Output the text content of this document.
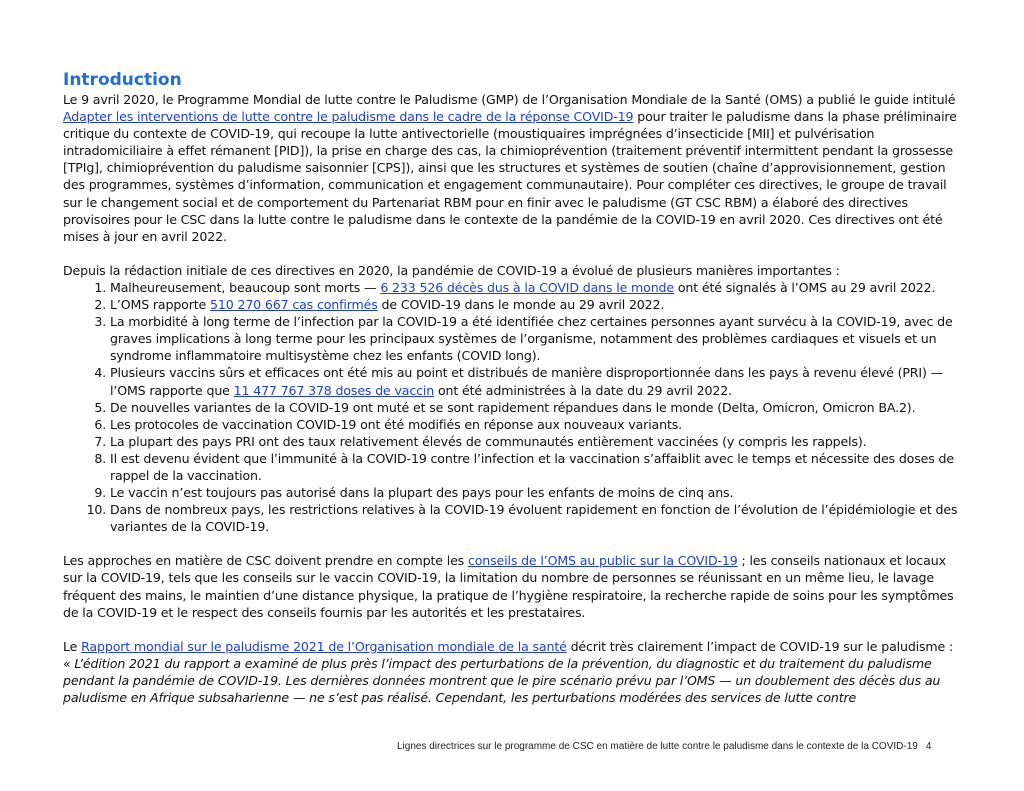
Introduction

Le 9 avril 2020, le Programme Mondial de lutte contre le Paludisme (GMP) de l’Organisation Mondiale de la Santé (OMS) a publié le guide intitulé Adapter les interventions de lutte contre le paludisme dans le cadre de la réponse COVID-19 pour traiter le paludisme dans la phase préliminaire critique du contexte de COVID-19, qui recoupe la lutte antivectorielle (moustiquaires imprégnées d’insecticide [MII] et pulvérisation intradomiciliaire à effet rémanent [PID]), la prise en charge des cas, la chimioprévention (traitement préventif intermittent pendant la grossesse [TPIg], chimioprévention du paludisme saisonnier [CPS]), ainsi que les structures et systèmes de soutien (chaîne d’approvisionnement, gestion des programmes, systèmes d’information, communication et engagement communautaire). Pour compléter ces directives, le groupe de travail sur le changement social et de comportement du Partenariat RBM pour en finir avec le paludisme (GT CSC RBM) a élaboré des directives provisoires pour le CSC dans la lutte contre le paludisme dans le contexte de la pandémie de la COVID-19 en avril 2020. Ces directives ont été mises à jour en avril 2022.

Depuis la rédaction initiale de ces directives en 2020, la pandémie de COVID-19 a évolué de plusieurs manières importantes :

1. Malheureusement, beaucoup sont morts — 6 233 526 décès dus à la COVID dans le monde ont été signalés à l’OMS au 29 avril 2022.
2. L’OMS rapporte 510 270 667 cas confirmés de COVID-19 dans le monde au 29 avril 2022.
3. La morbidité à long terme de l’infection par la COVID-19 a été identifiée chez certaines personnes ayant survécu à la COVID-19, avec de graves implications à long terme pour les principaux systèmes de l’organisme, notamment des problèmes cardiaques et visuels et un syndrome inflammatoire multisystème chez les enfants (COVID long).
4. Plusieurs vaccins sûrs et efficaces ont été mis au point et distribués de manière disproportionnée dans les pays à revenu élevé (PRI) — l’OMS rapporte que 11 477 767 378 doses de vaccin ont été administrées à la date du 29 avril 2022.
5. De nouvelles variantes de la COVID-19 ont muté et se sont rapidement répandues dans le monde (Delta, Omicron, Omicron BA.2).
6. Les protocoles de vaccination COVID-19 ont été modifiés en réponse aux nouveaux variants.
7. La plupart des pays PRI ont des taux relativement élevés de communautés entièrement vaccinées (y compris les rappels).
8. Il est devenu évident que l’immunité à la COVID-19 contre l’infection et la vaccination s’affaiblit avec le temps et nécessite des doses de rappel de la vaccination.
9. Le vaccin n’est toujours pas autorisé dans la plupart des pays pour les enfants de moins de cinq ans.
10. Dans de nombreux pays, les restrictions relatives à la COVID-19 évoluent rapidement en fonction de l’évolution de l’épidémiologie et des variantes de la COVID-19.

Les approches en matière de CSC doivent prendre en compte les conseils de l’OMS au public sur la COVID-19 ; les conseils nationaux et locaux sur la COVID-19, tels que les conseils sur le vaccin COVID-19, la limitation du nombre de personnes se réunissant en un même lieu, le lavage fréquent des mains, le maintien d’une distance physique, la pratique de l’hygiène respiratoire, la recherche rapide de soins pour les symptômes de la COVID-19 et le respect des conseils fournis par les autorités et les prestataires.

Le Rapport mondial sur le paludisme 2021 de l’Organisation mondiale de la santé décrit très clairement l’impact de COVID-19 sur le paludisme : « L’édition 2021 du rapport a examiné de plus près l’impact des perturbations de la prévention, du diagnostic et du traitement du paludisme pendant la pandémie de COVID-19. Les dernières données montrent que le pire scénario prévu par l’OMS — un doublement des décès dus au paludisme en Afrique subsaharienne — ne s’est pas réalisé. Cependant, les perturbations modérées des services de lutte contre

Lignes directrices sur le programme de CSC en matière de lutte contre le paludisme dans le contexte de la COVID-19 4
